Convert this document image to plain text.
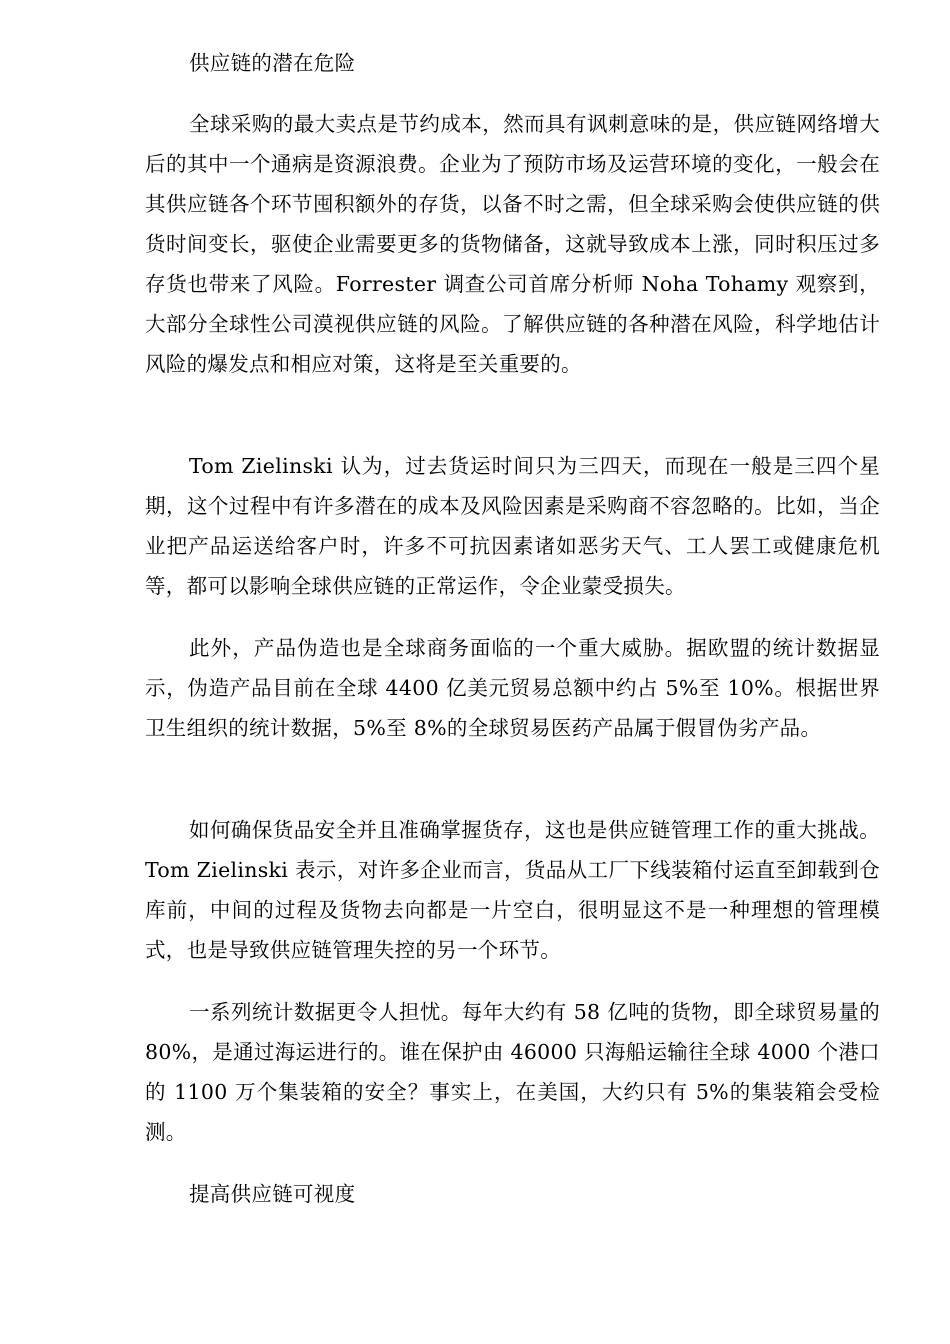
供应链的潜在危险

全球采购的最大卖点是节约成本，然而具有讽刺意味的是，供应链网络增大后的其中一个通病是资源浪费。企业为了预防市场及运营环境的变化，一般会在其供应链各个环节囤积额外的存货，以备不时之需，但全球采购会使供应链的供货时间变长，驱使企业需要更多的货物储备，这就导致成本上涨，同时积压过多存货也带来了风险。Forrester 调查公司首席分析师 Noha Tohamy 观察到，大部分全球性公司漠视供应链的风险。了解供应链的各种潜在风险，科学地估计风险的爆发点和相应对策，这将是至关重要的。

Tom Zielinski 认为，过去货运时间只为三四天，而现在一般是三四个星期，这个过程中有许多潜在的成本及风险因素是采购商不容忽略的。比如，当企业把产品运送给客户时，许多不可抗因素诸如恶劣天气、工人罢工或健康危机等，都可以影响全球供应链的正常运作，令企业蒙受损失。

此外，产品伪造也是全球商务面临的一个重大威胁。据欧盟的统计数据显示，伪造产品目前在全球 4400 亿美元贸易总额中约占 5%至 10%。根据世界卫生组织的统计数据，5%至 8%的全球贸易医药产品属于假冒伪劣产品。

如何确保货品安全并且准确掌握货存，这也是供应链管理工作的重大挑战。Tom Zielinski 表示，对许多企业而言，货品从工厂下线装箱付运直至卸载到仓库前，中间的过程及货物去向都是一片空白，很明显这不是一种理想的管理模式，也是导致供应链管理失控的另一个环节。

一系列统计数据更令人担忧。每年大约有 58 亿吨的货物，即全球贸易量的 80%，是通过海运进行的。谁在保护由 46000 只海船运输往全球 4000 个港口的 1100 万个集装箱的安全？事实上，在美国，大约只有 5%的集装箱会受检测。

提高供应链可视度
